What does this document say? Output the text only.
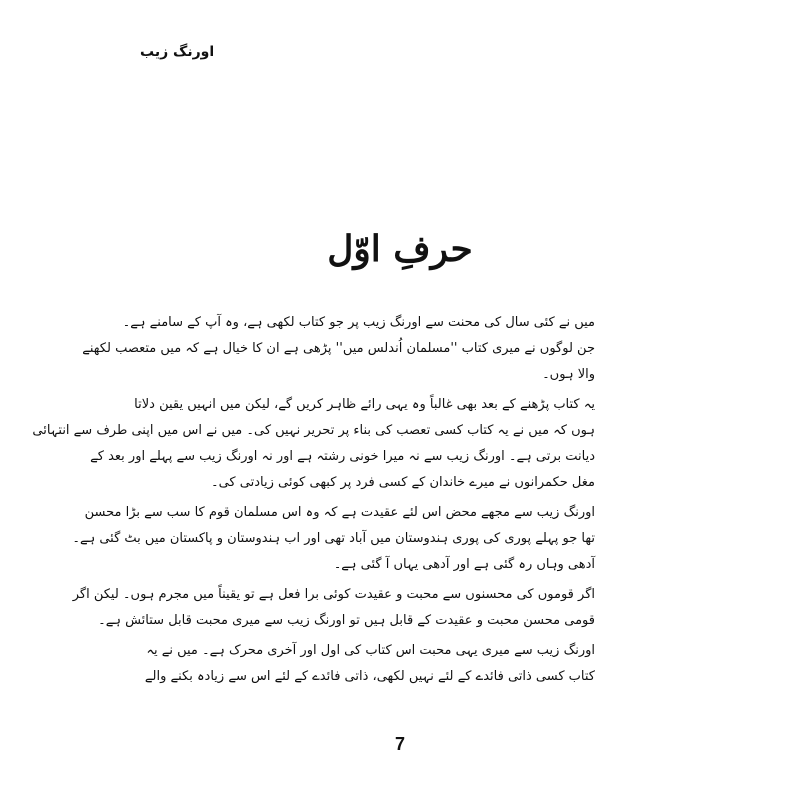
اورنگ زیب
حرفِ اوّل
میں نے کئی سال کی محنت سے اورنگ زیب پر جو کتاب لکھی ہے، وہ آپ کے سامنے ہے۔
جن لوگوں نے میری کتاب ''مسلمان اُندلس میں'' پڑھی ہے ان کا خیال ہے کہ میں متعصب لکھنے
والا ہوں۔
یہ کتاب پڑھنے کے بعد بھی غالباً وہ یہی رائے ظاہر کریں گے، لیکن میں انہیں یقین دلاتا
ہوں کہ میں نے یہ کتاب کسی تعصب کی بناء پر تحریر نہیں کی۔ میں نے اس میں اپنی طرف سے انتہائی
دیانت برتی ہے۔ اورنگ زیب سے نہ میرا خونی رشتہ ہے اور نہ اورنگ زیب سے پہلے اور بعد کے
مغل حکمرانوں نے میرے خاندان کے کسی فرد پر کبھی کوئی زیادتی کی۔
اورنگ زیب سے مجھے محض اس لئے عقیدت ہے کہ وہ اس مسلمان قوم کا سب سے بڑا محسن
تھا جو پہلے پوری کی پوری ہندوستان میں آباد تھی اور اب ہندوستان و پاکستان میں بٹ گئی ہے۔
آدھی وہاں رہ گئی ہے اور آدھی یہاں آ گئی ہے۔
اگر قوموں کی محسنوں سے محبت و عقیدت کوئی برا فعل ہے تو یقیناً میں مجرم ہوں۔ لیکن اگر
قومی محسن محبت و عقیدت کے قابل ہیں تو اورنگ زیب سے میری محبت قابل ستائش ہے۔
اورنگ زیب سے میری یہی محبت اس کتاب کی اول اور آخری محرک ہے۔ میں نے یہ
کتاب کسی ذاتی فائدے کے لئے نہیں لکھی، ذاتی فائدے کے لئے اس سے زیادہ بکنے والے
7
